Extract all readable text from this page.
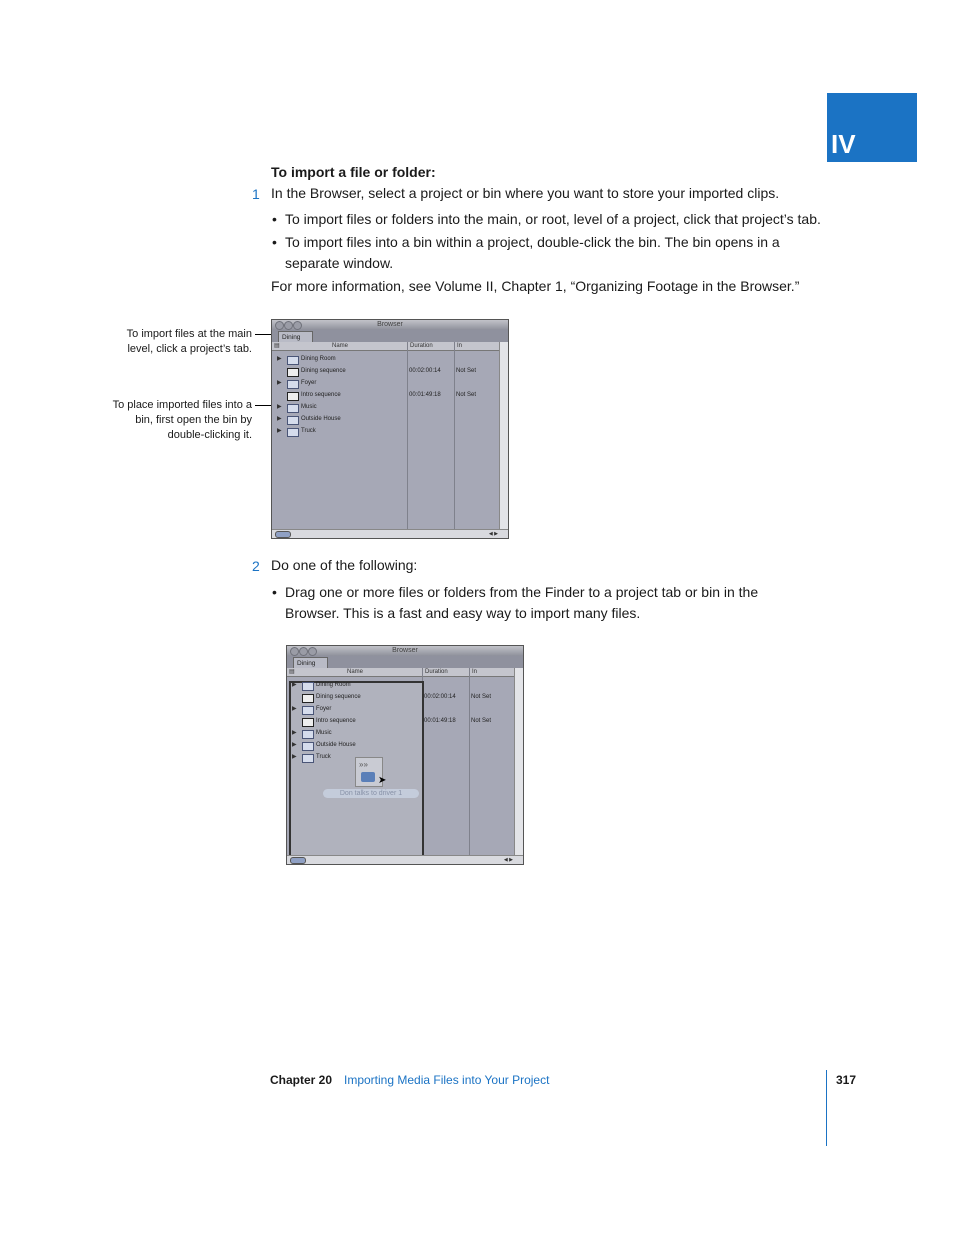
IV
To import a file or folder:
1 In the Browser, select a project or bin where you want to store your imported clips.
• To import files or folders into the main, or root, level of a project, click that project’s tab.
• To import files into a bin within a project, double-click the bin. The bin opens in a separate window.
For more information, see Volume II, Chapter 1, “Organizing Footage in the Browser.”
To import files at the main level, click a project’s tab.
To place imported files into a bin, first open the bin by double-clicking it.
Browser
Dining
▤	Name	Duration	In
▶	Dining Room
Dining sequence	00:02:00:14	Not Set
▶	Foyer
Intro sequence	00:01:49:18	Not Set
▶	Music
▶	Outside House
▶	Truck
◀ ▶
2 Do one of the following:
• Drag one or more files or folders from the Finder to a project tab or bin in the Browser. This is a fast and easy way to import many files.
Browser
Dining
▤	Name	Duration	In
▶	Dining Room
Dining sequence	00:02:00:14	Not Set
▶	Foyer
Intro sequence	00:01:49:18	Not Set
▶	Music
▶	Outside House
▶	Truck
»»
➤
Don talks to driver 1
◀ ▶
Chapter 20 Importing Media Files into Your Project	317
